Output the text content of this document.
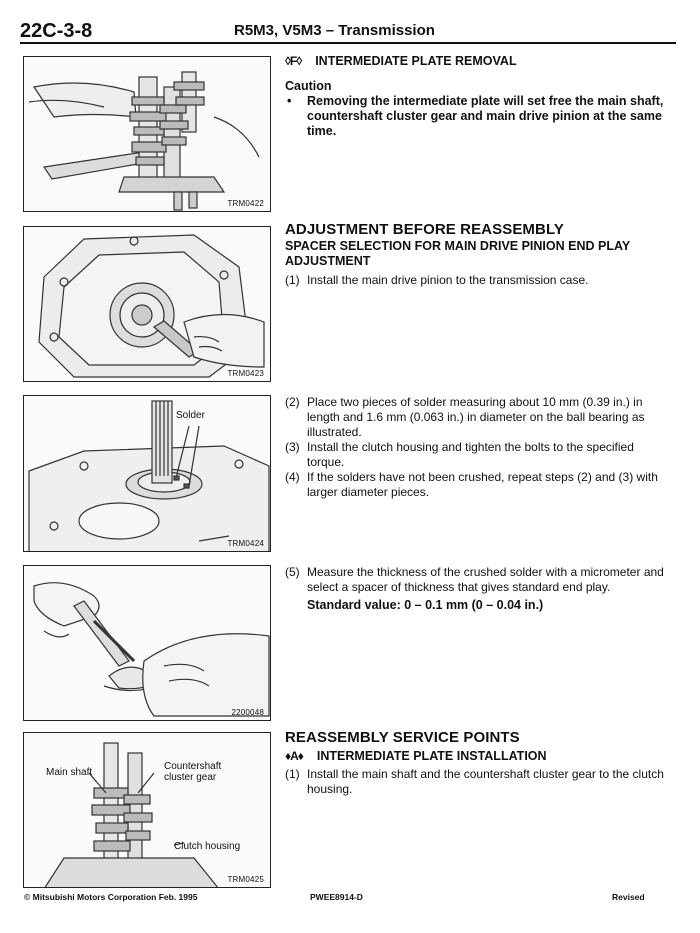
22C-3-8	R5M3, V5M3 – Transmission
TRM0422
TRM0423
Solder
TRM0424
2200048
Main shaft
Countershaft cluster gear
Clutch housing
TRM0425
◊F◊ INTERMEDIATE PLATE REMOVAL
Caution
•	Removing the intermediate plate will set free the main shaft, countershaft cluster gear and main drive pinion at the same time.
ADJUSTMENT BEFORE REASSEMBLY
SPACER SELECTION FOR MAIN DRIVE PINION END PLAY ADJUSTMENT
(1) Install the main drive pinion to the transmission case.
(2) Place two pieces of solder measuring about 10 mm (0.39 in.) in length and 1.6 mm (0.063 in.) in diameter on the ball bearing as illustrated.
(3) Install the clutch housing and tighten the bolts to the specified torque.
(4) If the solders have not been crushed, repeat steps (2) and (3) with larger diameter pieces.
(5) Measure the thickness of the crushed solder with a micrometer and select a spacer of thickness that gives standard end play.
Standard value: 0 – 0.1 mm (0 – 0.04 in.)
REASSEMBLY SERVICE POINTS
♦A♦ INTERMEDIATE PLATE INSTALLATION
(1) Install the main shaft and the countershaft cluster gear to the clutch housing.
© Mitsubishi Motors Corporation Feb. 1995	PWEE8914-D	Revised
